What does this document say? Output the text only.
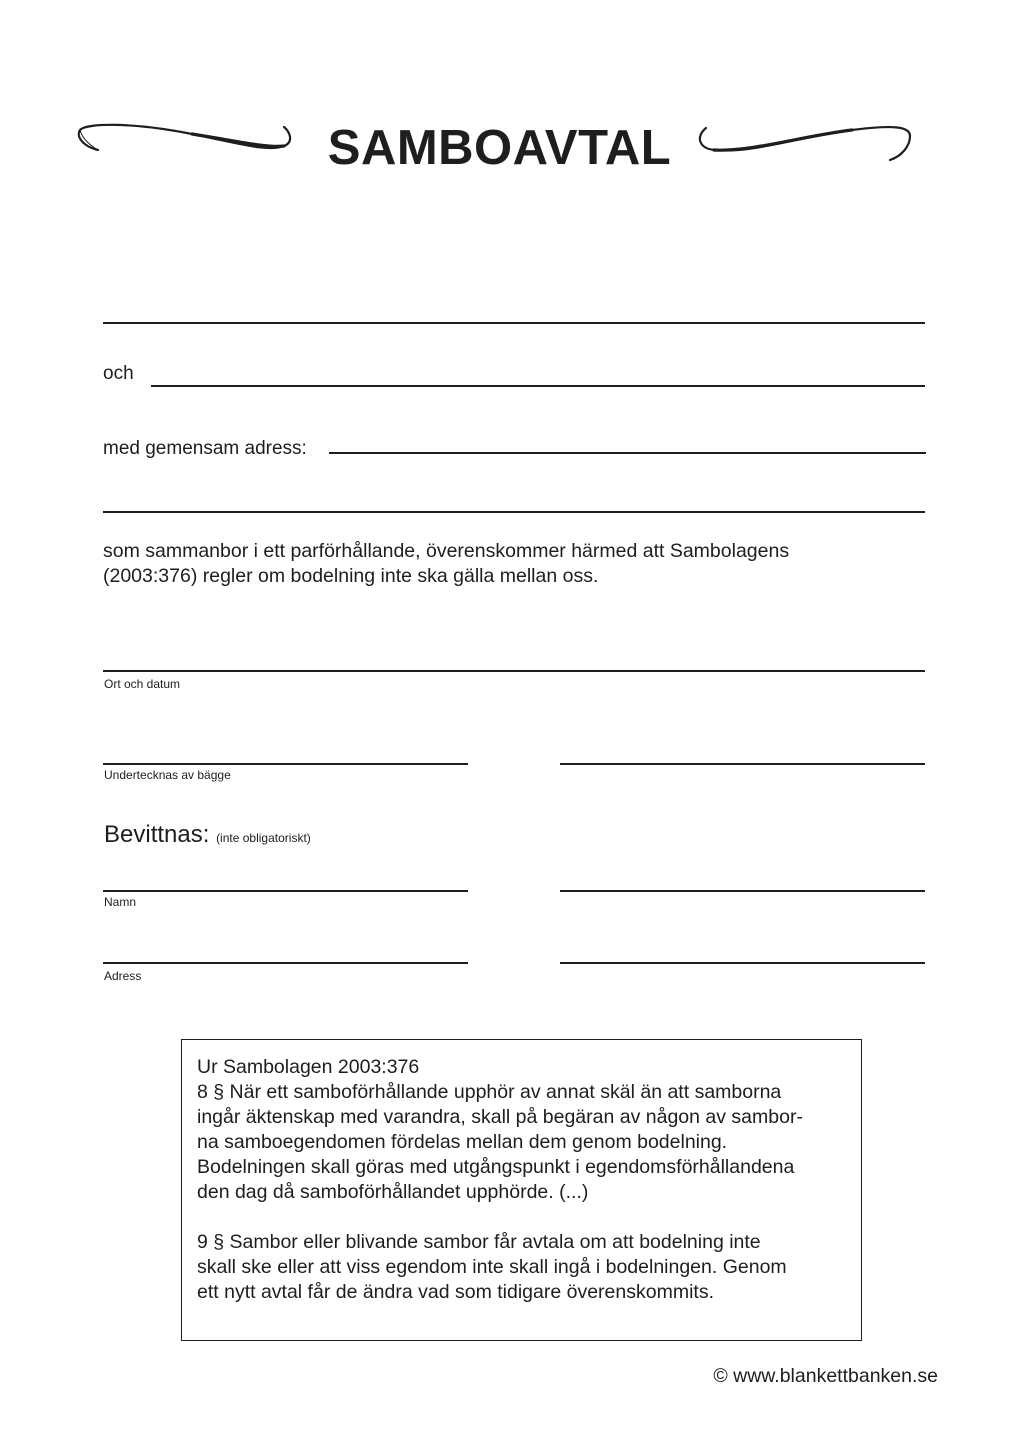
SAMBOAVTAL
och
med gemensam adress:
som sammanbor i ett parförhållande, överenskommer härmed att Sambolagens
(2003:376) regler om bodelning inte ska gälla mellan oss.
Ort och datum
Undertecknas av bägge
Bevittnas: (inte obligatoriskt)
Namn
Adress

Ur Sambolagen 2003:376

8 § När ett samboförhållande upphör av annat skäl än att samborna

ingår äktenskap med varandra, skall på begäran av någon av sambor-

na samboegendomen fördelas mellan dem genom bodelning.

Bodelningen skall göras med utgångspunkt i egendomsförhållandena

den dag då samboförhållandet upphörde. (...)

9 § Sambor eller blivande sambor får avtala om att bodelning inte

skall ske eller att viss egendom inte skall ingå i bodelningen. Genom

ett nytt avtal får de ändra vad som tidigare överenskommits.

© www.blankettbanken.se
